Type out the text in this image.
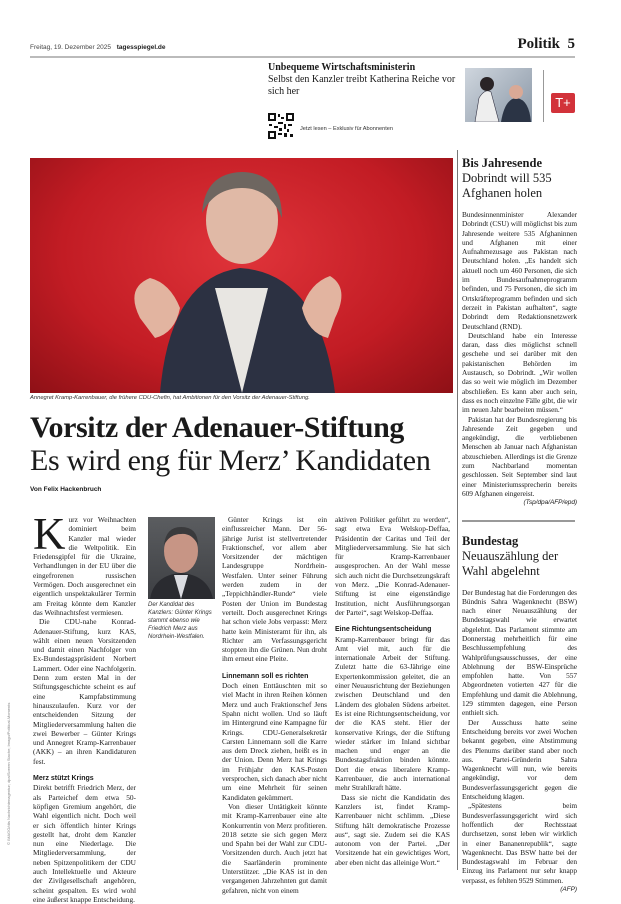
Freitag, 19. Dezember 2025 tagesspiegel.de	Politik 5
Unbequeme Wirtschaftsministerin
Selbst den Kanzler treibt Katherina Reiche vor sich her
Jetzt lesen – Exklusiv für Abonnenten
T+
Annegret Kramp-Karrenbauer, die frühere CDU-Chefin, hat Ambitionen für den Vorsitz der Adenauer-Stiftung.
Vorsitz der Adenauer-Stiftung
Es wird eng für Merz’ Kandidaten
Von Felix Hackenbruch

Kurz vor Weihnachten dominiert beim Kanzler mal wieder die Weltpolitik. Ein Friedensgipfel für die Ukraine, Verhandlungen in der EU über die eingefrorenen russischen Vermögen. Doch ausgerechnet ein eigentlich unspektakulärer Termin am Freitag könnte dem Kanzler das Weihnachtsfest vermiesen.

Die CDU-nahe Konrad-Adenauer-Stiftung, kurz KAS, wählt einen neuen Vorsitzenden und damit einen Nachfolger von Ex-Bundestagspräsident Norbert Lammert. Oder eine Nachfolgerin. Denn zum ersten Mal in der Stiftungsgeschichte scheint es auf eine Kampfabstimmung hinauszulaufen. Kurz vor der entscheidenden Sitzung der Mitgliederversammlung halten die zwei Bewerber – Günter Krings und Annegret Kramp-Karrenbauer (AKK) – an ihren Kandidaturen fest.

Merz stützt Krings

Direkt betrifft Friedrich Merz, der als Parteichef dem etwa 50-köpfigen Gremium angehört, die Wahl eigentlich nicht. Doch weil er sich öffentlich hinter Krings gestellt hat, droht dem Kanzler nun eine Niederlage. Die Mitgliederversammlung, der neben Spitzenpolitikern der CDU auch Intellektuelle und Akteure der Zivilgesellschaft angehören, scheint gespalten. Es wird wohl eine äußerst knappe Entscheidung.

Der Kandidat des Kanzlers: Günter Krings stammt ebenso wie Friedrich Merz aus Nordrhein-Westfalen.

Günter Krings ist ein einflussreicher Mann. Der 56-jährige Jurist ist stellvertretender Fraktionschef, vor allem aber Vorsitzender der mächtigen Landesgruppe Nordrhein-Westfalen. Unter seiner Führung werden zudem in der „Teppichhändler-Runde“ viele Posten der Union im Bundestag verteilt. Doch ausgerechnet Krings hat schon viele Jobs verpasst: Merz hatte kein Ministeramt für ihn, als Richter am Verfassungsgericht stoppten ihn die Grünen. Nun droht ihm erneut eine Pleite.

Linnemann soll es richten

Doch einen Enttäuschten mit so viel Macht in ihren Reihen können Merz und auch Fraktionschef Jens Spahn nicht wollen. Und so läuft im Hintergrund eine Kampagne für Krings. CDU-Generalsekretär Carsten Linnemann soll die Karre aus dem Dreck ziehen, heißt es in der Union. Denn Merz hat Krings im Frühjahr den KAS-Posten versprochen, sich danach aber nicht um eine Mehrheit für seinen Kandidaten gekümmert.

Von dieser Untätigkeit könnte mit Kramp-Karrenbauer eine alte Konkurrentin von Merz profitieren. 2018 setzte sie sich gegen Merz und Spahn bei der Wahl zur CDU-Vorsitzenden durch. Auch jetzt hat die Saarländerin prominente Unterstützer. „Die KAS ist in den vergangenen Jahrzehnten gut damit gefahren, nicht von einem

aktiven Politiker geführt zu werden“, sagt etwa Eva Welskop-Deffaa, Präsidentin der Caritas und Teil der Mitgliederversammlung. Sie hat sich für Kramp-Karrenbauer ausgesprochen. An der Wahl messe sich auch nicht die Durchsetzungskraft von Merz. „Die Konrad-Adenauer-Stiftung ist eine eigenständige Institution, nicht Ausführungsorgan der Partei“, sagt Welskop-Deffaa.

Eine Richtungsentscheidung

Kramp-Karrenbauer bringt für das Amt viel mit, auch für die internationale Arbeit der Stiftung. Zuletzt hatte die 63-Jährige eine Expertenkommission geleitet, die an einer Neuausrichtung der Beziehungen zwischen Deutschland und den Ländern des globalen Südens arbeitet. Es ist eine Richtungsentscheidung, vor der die KAS steht. Hier der konservative Krings, der die Stiftung wieder stärker im Inland sichtbar machen und enger an die Bundestagsfraktion binden könnte. Dort die etwas liberalere Kramp-Karrenbauer, die auch international mehr Strahlkraft hätte.

Dass sie nicht die Kandidatin des Kanzlers ist, findet Kramp-Karrenbauer nicht schlimm. „Diese Stiftung hält demokratische Prozesse aus“, sagt sie. Zudem sei die KAS autonom von der Partei. „Der Vorsitzende hat ein gewichtiges Wort, aber eben nicht das alleinige Wort.“

© IMAGO/dts Nachrichtenagentur; dpa/Soeren Stache; Imago/Political-Moments
Bis Jahresende
Dobrindt will 535 Afghanen holen

Bundesinnenminister Alexander Dobrindt (CSU) will möglichst bis zum Jahresende weitere 535 Afghaninnen und Afghanen mit einer Aufnahmezusage aus Pakistan nach Deutschland holen. „Es handelt sich aktuell noch um 460 Personen, die sich im Bundesaufnahmeprogramm befinden, und 75 Personen, die sich im Ortskräfteprogramm befinden und sich derzeit in Pakistan aufhalten“, sagte Dobrindt dem Redaktionsnetzwerk Deutschland (RND).

Deutschland habe ein Interesse daran, dass dies möglichst schnell geschehe und sei darüber mit den pakistanischen Behörden im Austausch, so Dobrindt. „Wir wollen das so weit wie möglich im Dezember abschließen. Es kann aber auch sein, dass es noch einzelne Fälle gibt, die wir im neuen Jahr bearbeiten müssen.“

Pakistan hat der Bundesregierung bis Jahresende Zeit gegeben und angekündigt, die verbliebenen Menschen ab Januar nach Afghanistan abzuschieben. Allerdings ist die Grenze zum Nachbarland momentan geschlossen. Seit September sind laut einer Ministeriumssprecherin bereits 609 Afghanen eingereist.
(Tsp/dpa/AFP/epd)

Bundestag
Neuauszählung der Wahl abgelehnt

Der Bundestag hat die Forderungen des Bündnis Sahra Wagenknecht (BSW) nach einer Neuauszählung der Bundestagswahl wie erwartet abgelehnt. Das Parlament stimmte am Donnerstag mehrheitlich für eine Beschlussempfehlung des Wahlprüfungsausschusses, der eine Ablehnung der BSW-Einsprüche empfohlen hatte. Von 557 Abgeordneten votierten 427 für die Empfehlung und damit die Ablehnung, 129 stimmten dagegen, eine Person enthielt sich.

Der Ausschuss hatte seine Entscheidung bereits vor zwei Wochen bekannt gegeben, eine Abstimmung des Plenums darüber stand aber noch aus. Partei-Gründerin Sahra Wagenknecht will nun, wie bereits angekündigt, vor dem Bundesverfassungsgericht gegen die Entscheidung klagen.

„Spätestens beim Bundesverfassungsgericht wird sich hoffentlich der Rechtsstaat durchsetzen, sonst leben wir wirklich in einer Bananenrepublik“, sagte Wagenknecht. Das BSW hatte bei der Bundestagswahl im Februar den Einzug ins Parlament nur sehr knapp verpasst, es fehlten 9529 Stimmen.
(AFP)
